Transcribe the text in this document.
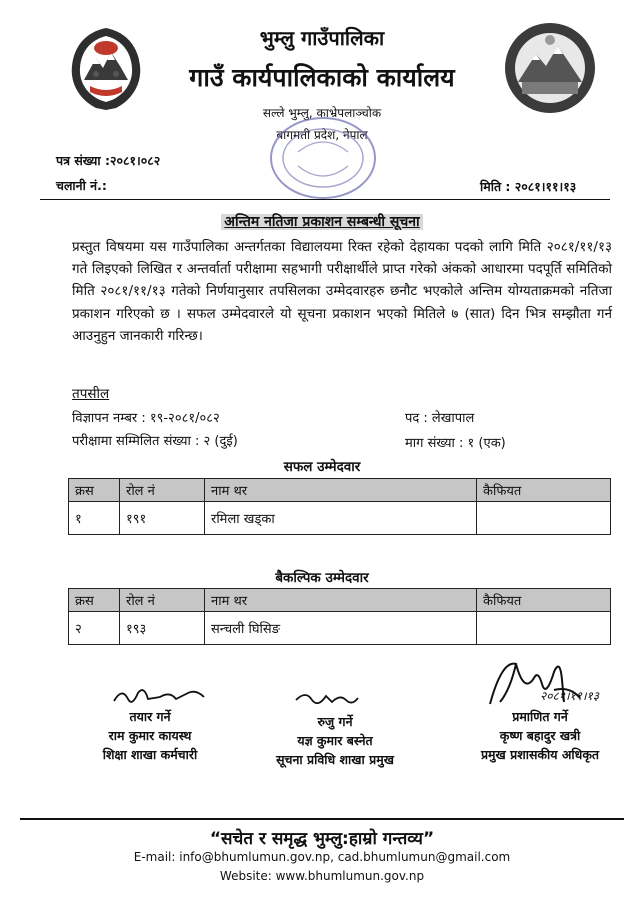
भुम्लु गाउँपालिका
गाउँ कार्यपालिकाको कार्यालय
सल्ले भुम्लु, काभ्रेपलाञ्चोक
बागमती प्रदेश, नेपाल
पत्र संख्या :२०८१।०८२
चलानी नं.:	मिति : २०८१।११।१३
अन्तिम नतिजा प्रकाशन सम्बन्धी सूचना
प्रस्तुत विषयमा यस गाउँपालिका अन्तर्गतका विद्यालयमा रिक्त रहेको देहायका पदको लागि मिति २०८१/११/१३ गते लिइएको लिखित र अन्तर्वार्ता परीक्षामा सहभागी परीक्षार्थीले प्राप्त गरेको अंकको आधारमा पदपूर्ति समितिको मिति २०८१/११/१३ गतेको निर्णयानुसार तपसिलका उम्मेदवारहरु छनौट भएकोले अन्तिम योग्यताक्रमको नतिजा प्रकाशन गरिएको छ । सफल उम्मेदवारले यो सूचना प्रकाशन भएको मितिले ७ (सात) दिन भित्र सम्झौता गर्न आउनुहुन जानकारी गरिन्छ।
तपसील
विज्ञापन नम्बर : १९-२०८१/०८२	पद : लेखापाल
परीक्षामा सम्मिलित संख्या : २ (दुई)	माग संख्या : १ (एक)
सफल उम्मेदवार
क्रस	रोल नं	नाम थर	कैफियत
१	१९१	रमिला खड्का	
बैकल्पिक उम्मेदवार
क्रस	रोल नं	नाम थर	कैफियत
२	१९३	सन्चली घिसिङ	
२०८१।११।१३
तयार गर्ने
राम कुमार कायस्थ
शिक्षा शाखा कर्मचारी
रुजु गर्ने
यज्ञ कुमार बस्नेत
सूचना प्रविधि शाखा प्रमुख
प्रमाणित गर्ने
कृष्ण बहादुर खत्री
प्रमुख प्रशासकीय अधिकृत
“सचेत र समृद्ध भुम्लु:हाम्रो गन्तव्य”
E-mail: info@bhumlumun.gov.np, cad.bhumlumun@gmail.com
Website: www.bhumlumun.gov.np
